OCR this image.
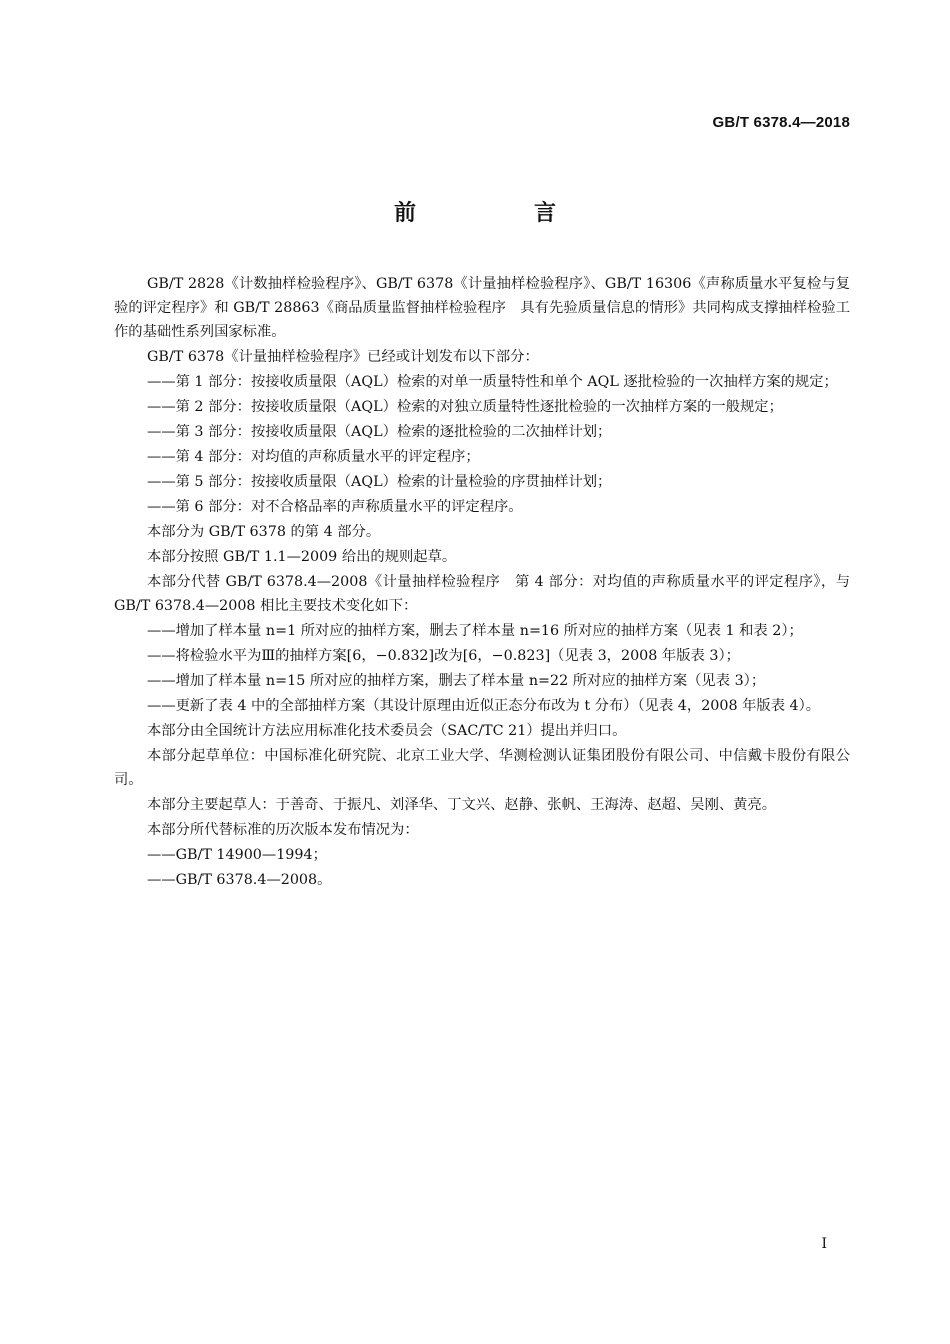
GB/T 6378.4—2018
前　言

GB/T 2828《计数抽样检验程序》、GB/T 6378《计量抽样检验程序》、GB/T 16306《声称质量水平复检与复验的评定程序》和 GB/T 28863《商品质量监督抽样检验程序　具有先验质量信息的情形》共同构成支撑抽样检验工作的基础性系列国家标准。

GB/T 6378《计量抽样检验程序》已经或计划发布以下部分：

——第 1 部分：按接收质量限（AQL）检索的对单一质量特性和单个 AQL 逐批检验的一次抽样方案的规定；

——第 2 部分：按接收质量限（AQL）检索的对独立质量特性逐批检验的一次抽样方案的一般规定；

——第 3 部分：按接收质量限（AQL）检索的逐批检验的二次抽样计划；

——第 4 部分：对均值的声称质量水平的评定程序；

——第 5 部分：按接收质量限（AQL）检索的计量检验的序贯抽样计划；

——第 6 部分：对不合格品率的声称质量水平的评定程序。

本部分为 GB/T 6378 的第 4 部分。

本部分按照 GB/T 1.1—2009 给出的规则起草。

本部分代替 GB/T 6378.4—2008《计量抽样检验程序　第 4 部分：对均值的声称质量水平的评定程序》，与 GB/T 6378.4—2008 相比主要技术变化如下：

——增加了样本量 n=1 所对应的抽样方案，删去了样本量 n=16 所对应的抽样方案（见表 1 和表 2）；

——将检验水平为Ⅲ的抽样方案[6，−0.832]改为[6，−0.823]（见表 3，2008 年版表 3）；

——增加了样本量 n=15 所对应的抽样方案，删去了样本量 n=22 所对应的抽样方案（见表 3）；

——更新了表 4 中的全部抽样方案（其设计原理由近似正态分布改为 t 分布）（见表 4，2008 年版表 4）。

本部分由全国统计方法应用标准化技术委员会（SAC/TC 21）提出并归口。

本部分起草单位：中国标准化研究院、北京工业大学、华测检测认证集团股份有限公司、中信戴卡股份有限公司。

本部分主要起草人：于善奇、于振凡、刘泽华、丁文兴、赵静、张帆、王海涛、赵超、吴刚、黄亮。

本部分所代替标准的历次版本发布情况为：

——GB/T 14900—1994；

——GB/T 6378.4—2008。

I
